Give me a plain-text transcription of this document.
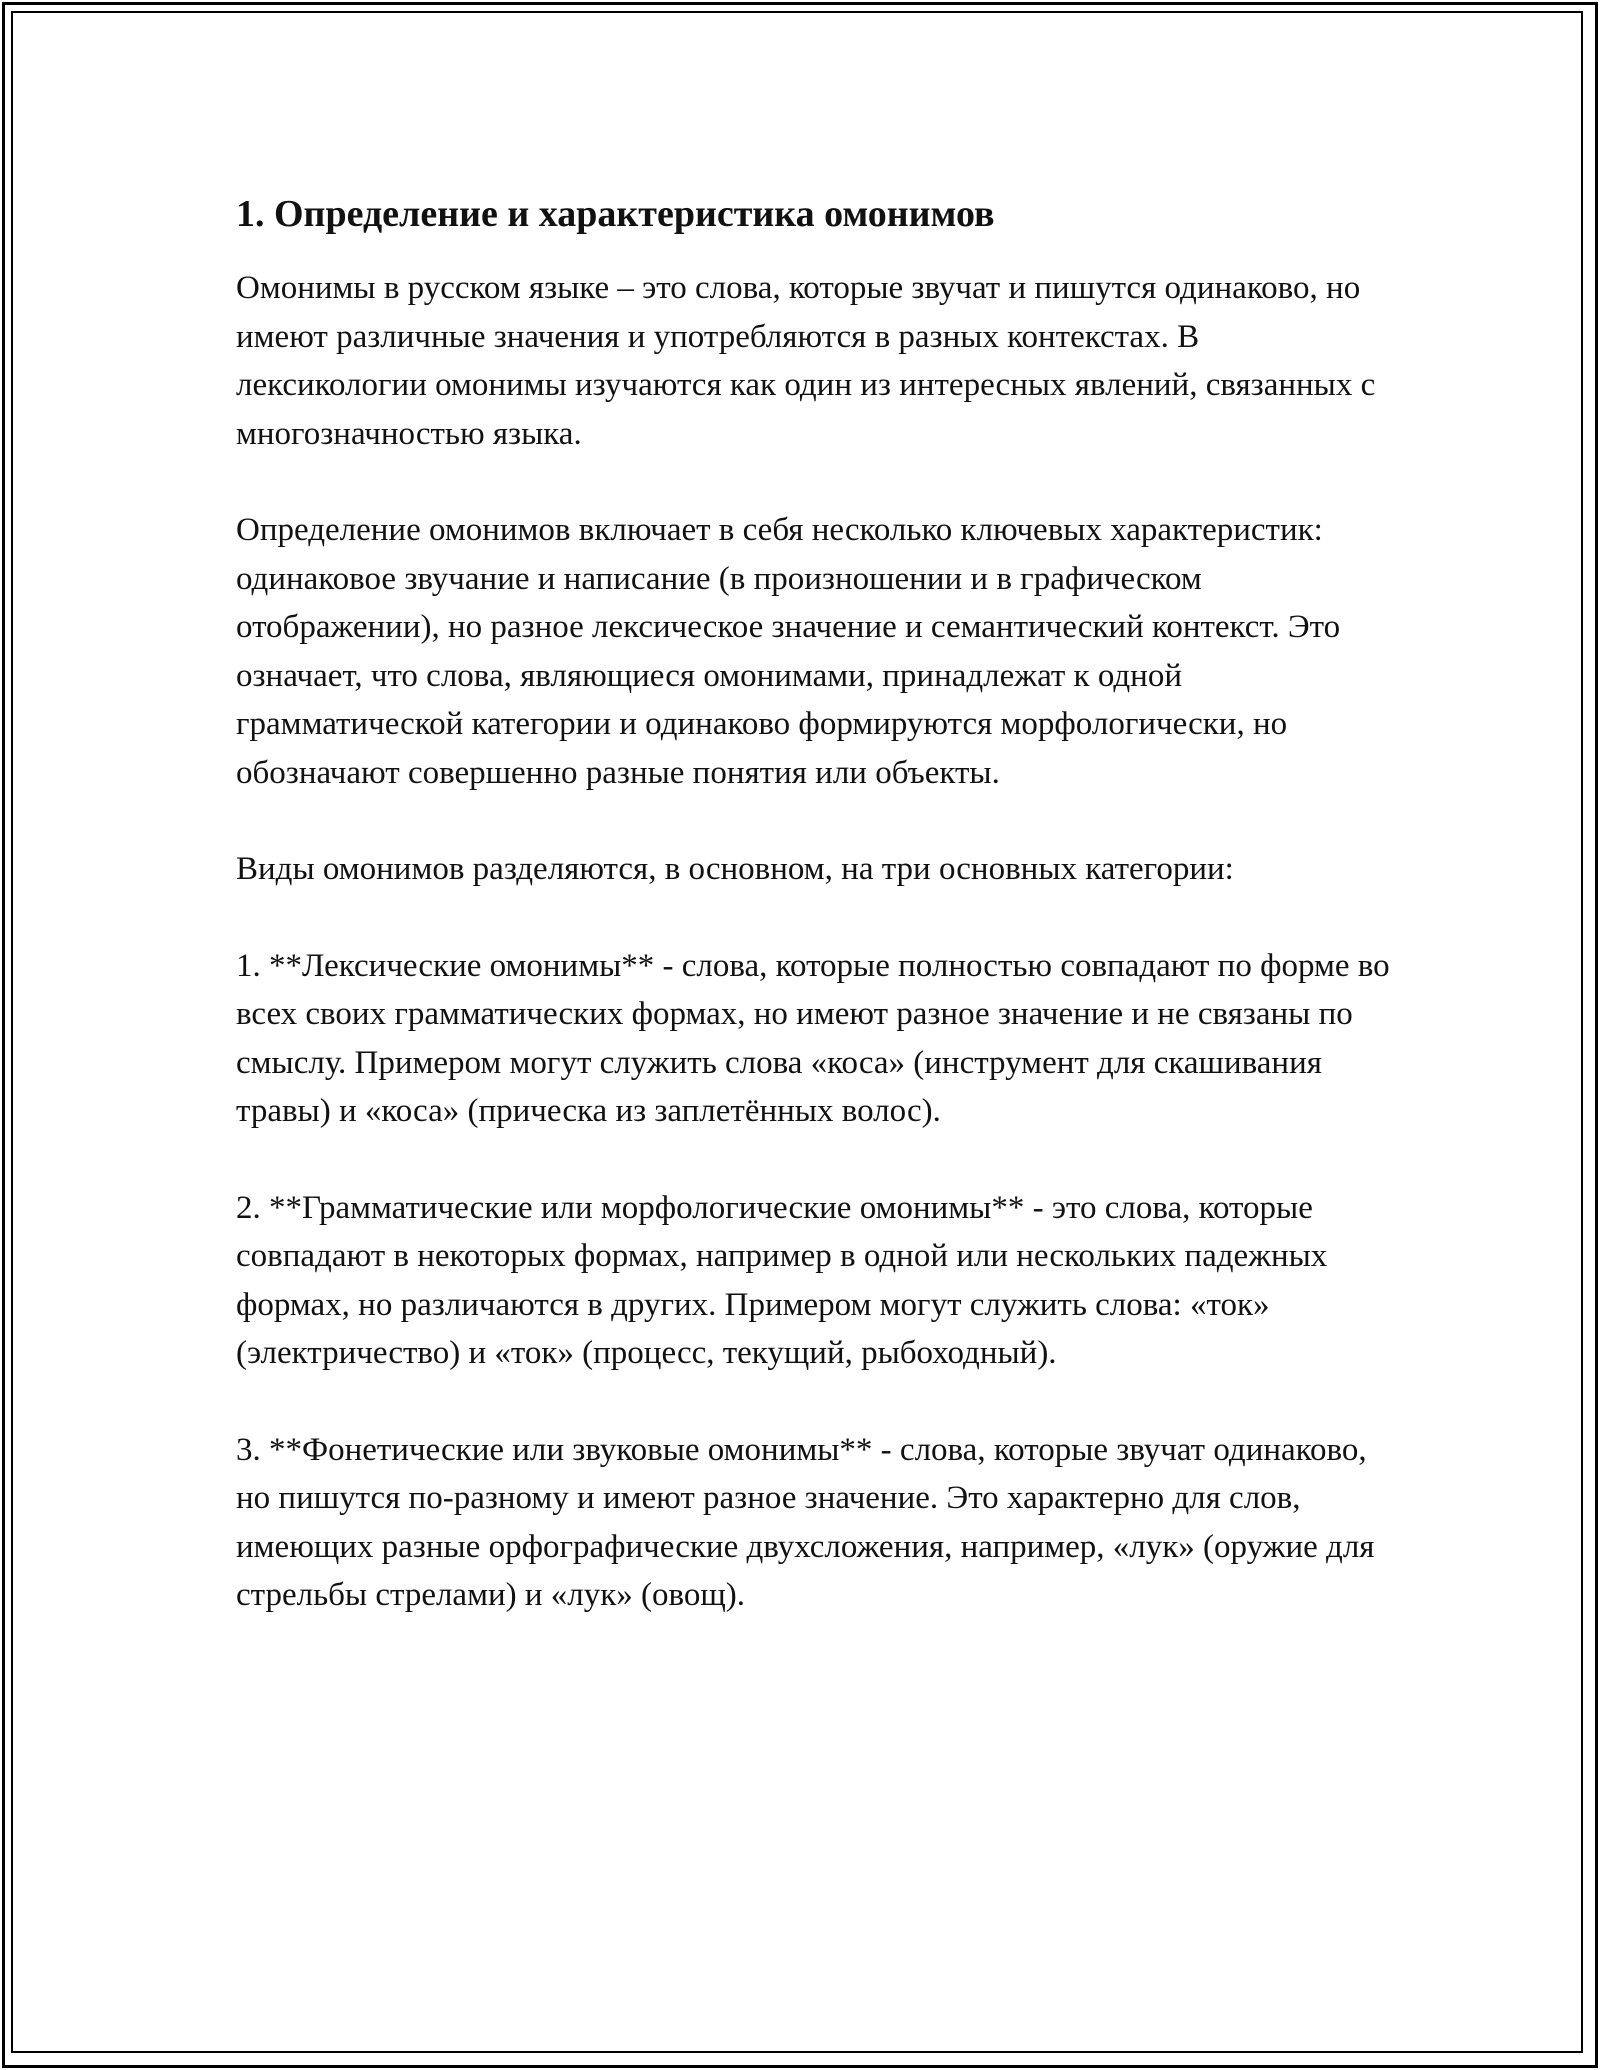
1. Определение и характеристика омонимов

Омонимы в русском языке – это слова, которые звучат и пишутся одинаково, но имеют различные значения и употребляются в разных контекстах. В лексикологии омонимы изучаются как один из интересных явлений, связанных с многозначностью языка.

Определение омонимов включает в себя несколько ключевых характеристик: одинаковое звучание и написание (в произношении и в графическом отображении), но разное лексическое значение и семантический контекст. Это означает, что слова, являющиеся омонимами, принадлежат к одной грамматической категории и одинаково формируются морфологически, но обозначают совершенно разные понятия или объекты.

Виды омонимов разделяются, в основном, на три основных категории:

1. **Лексические омонимы** - слова, которые полностью совпадают по форме во всех своих грамматических формах, но имеют разное значение и не связаны по смыслу. Примером могут служить слова «коса» (инструмент для скашивания травы) и «коса» (прическа из заплетённых волос).

2. **Грамматические или морфологические омонимы** - это слова, которые совпадают в некоторых формах, например в одной или нескольких падежных формах, но различаются в других. Примером могут служить слова: «ток» (электричество) и «ток» (процесс, текущий, рыбоходный).

3. **Фонетические или звуковые омонимы** - слова, которые звучат одинаково, но пишутся по-разному и имеют разное значение. Это характерно для слов, имеющих разные орфографические двухсложения, например, «лук» (оружие для стрельбы стрелами) и «лук» (овощ).
